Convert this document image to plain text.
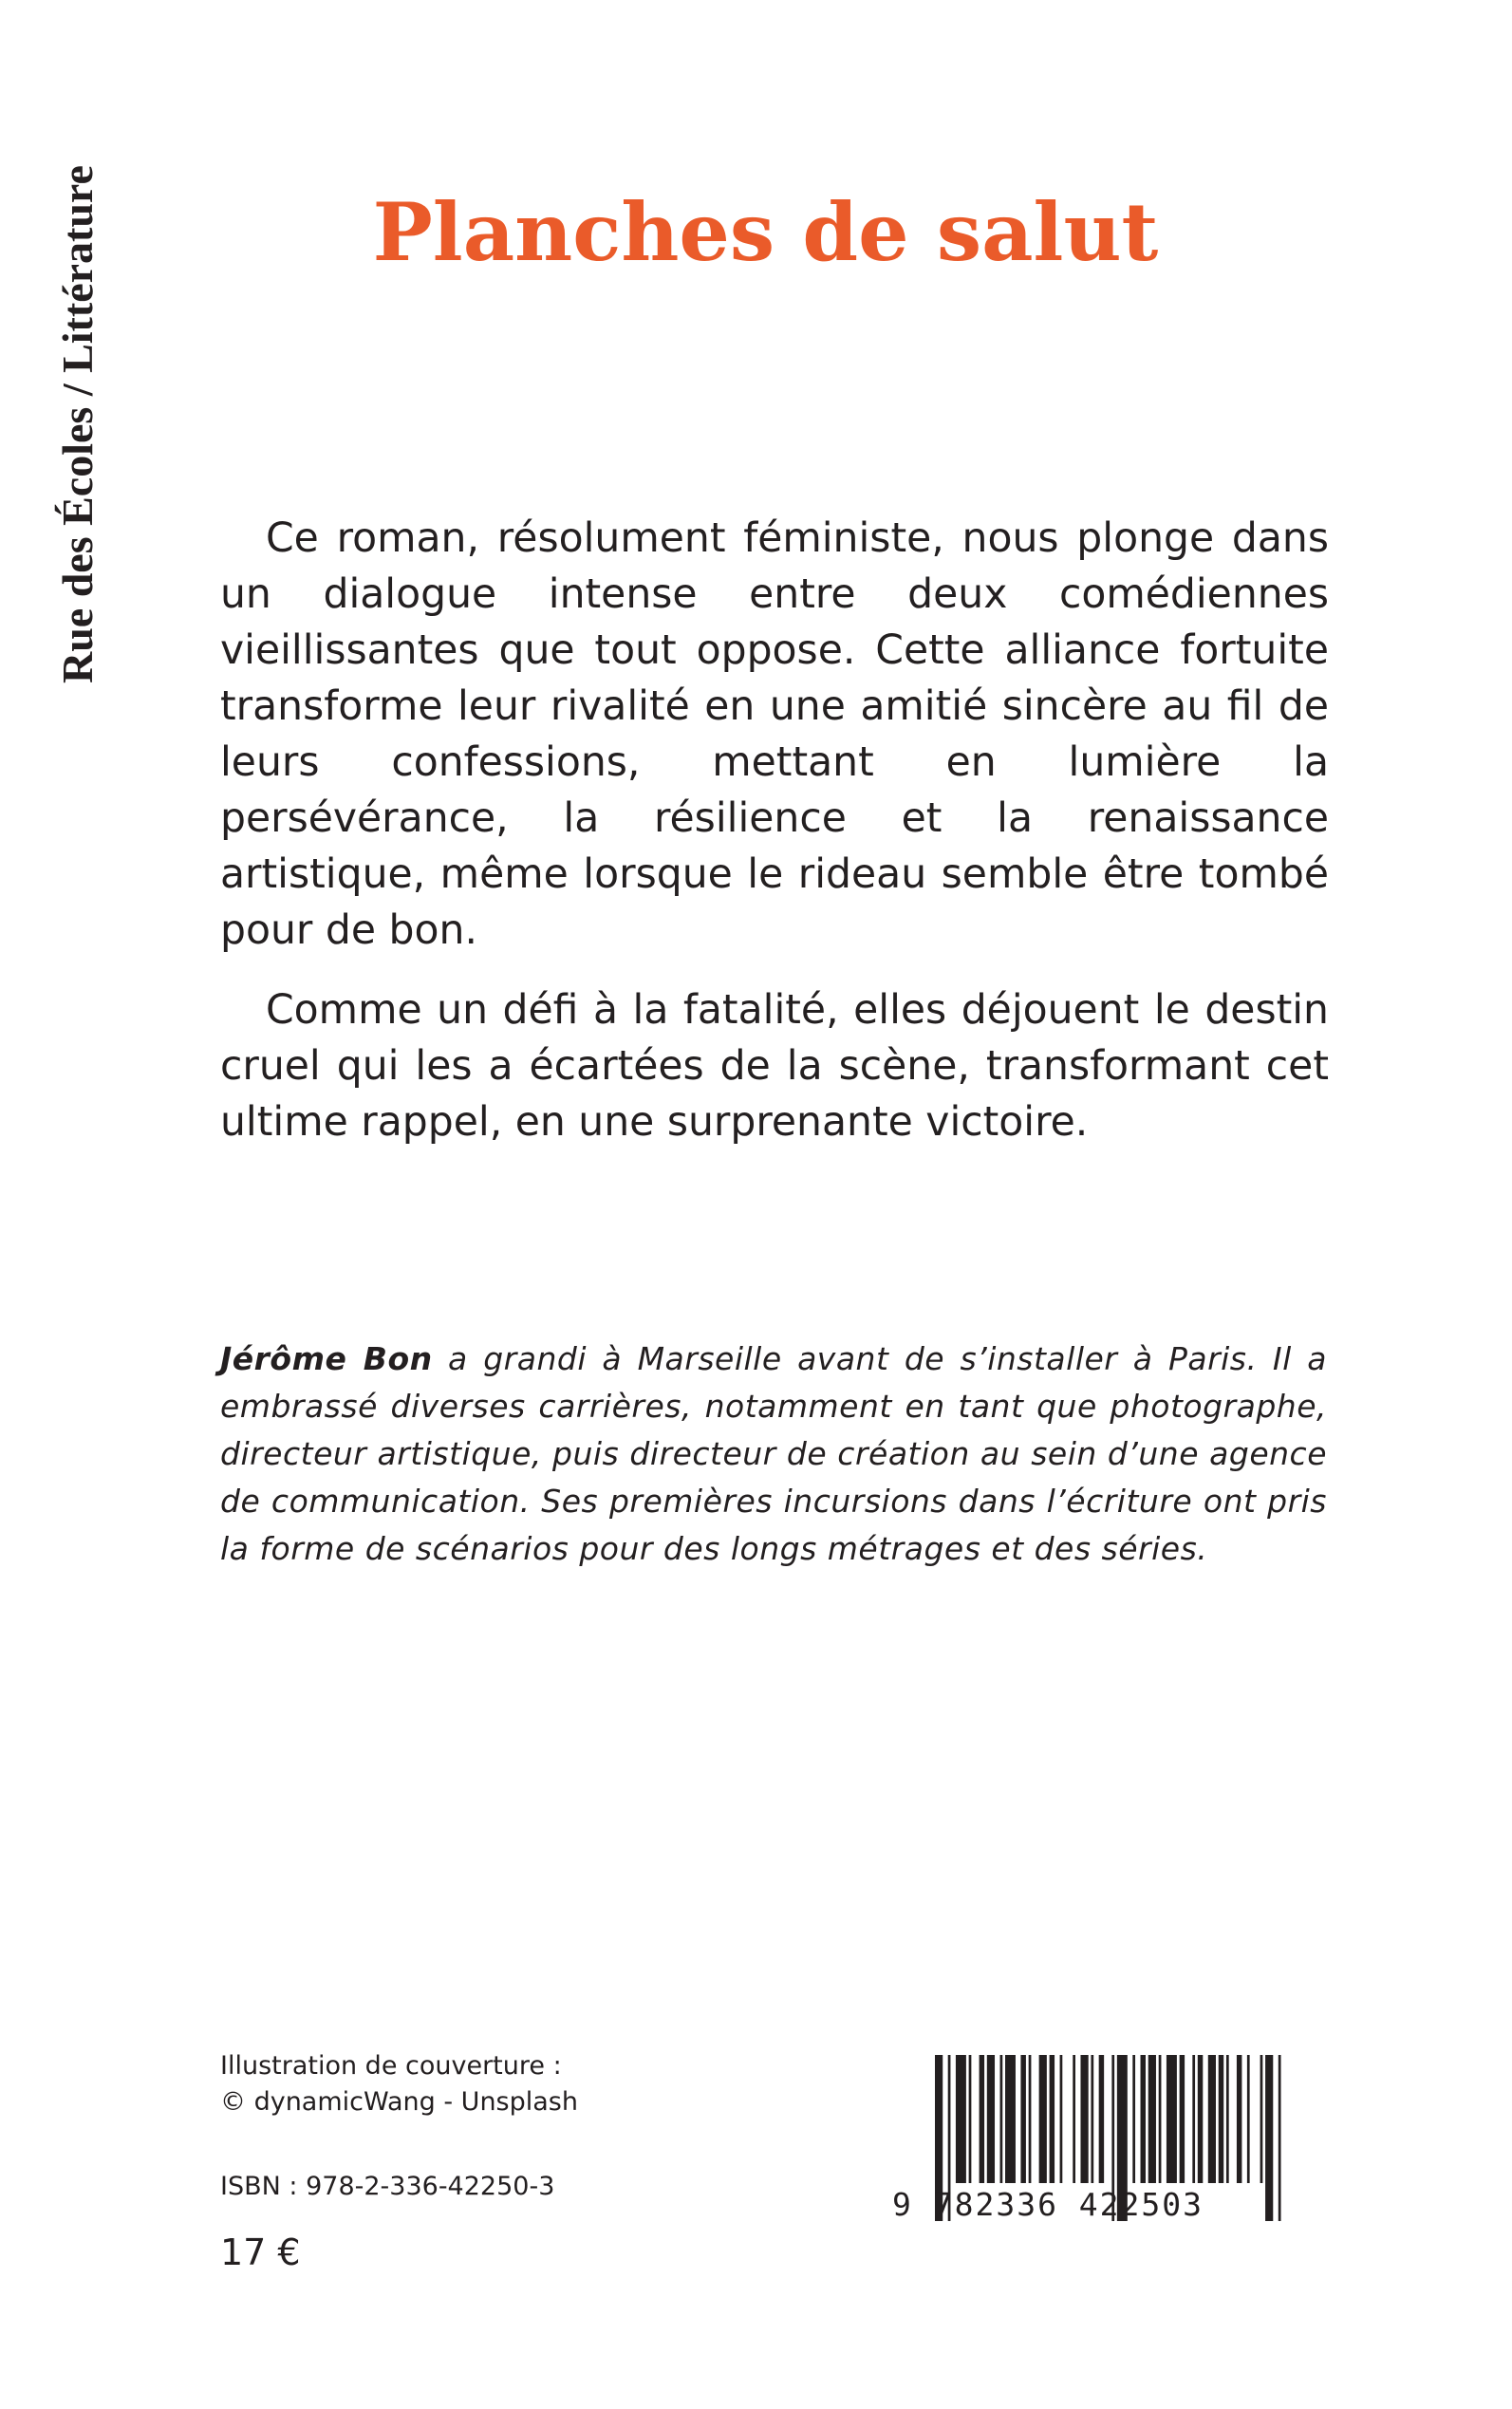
Rue des Écoles / Littérature	Planches de salut

Ce roman, résolument féministe, nous plonge dans un dialogue intense entre deux comédiennes vieillissantes que tout oppose. Cette alliance fortuite transforme leur rivalité en une amitié sincère au fil de leurs confessions, mettant en lumière la persévérance, la résilience et la renaissance artistique, même lorsque le rideau semble être tombé pour de bon.

Comme un défi à la fatalité, elles déjouent le destin cruel qui les a écartées de la scène, transformant cet ultime rappel, en une surprenante victoire.

Jérôme Bon a grandi à Marseille avant de s’installer à Paris. Il a embrassé diverses carrières, notamment en tant que photographe, directeur artistique, puis directeur de création au sein d’une agence de communication. Ses premières incursions dans l’écriture ont pris la forme de scénarios pour des longs métrages et des séries.
Illustration de couverture :
© dynamicWang - Unsplash
ISBN : 978-2-336-42250-3
17 €
9 782336 422503
